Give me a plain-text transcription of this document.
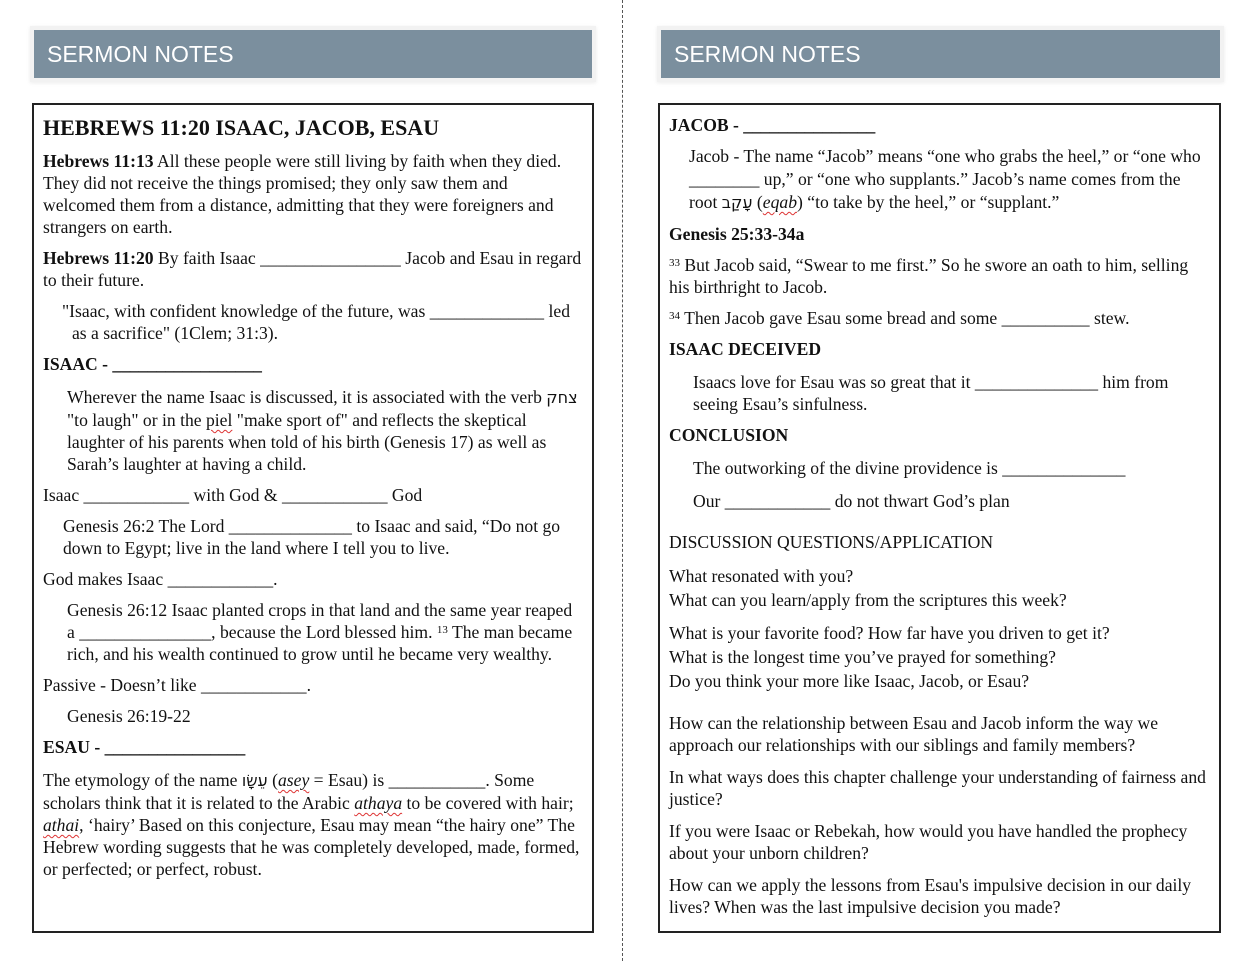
SERMON NOTES

HEBREWS 11:20 ISAAC, JACOB, ESAU

Hebrews 11:13 All these people were still living by faith when they died. They did not receive the things promised; they only saw them and welcomed them from a distance, admitting that they were foreigners and strangers on earth.

Hebrews 11:20 By faith Isaac ________________ Jacob and Esau in regard to their future.

"Isaac, with confident knowledge of the future, was _____________ led as a sacrifice" (1Clem; 31:3).

ISAAC - _________________

Wherever the name Isaac is discussed, it is associated with the verb צחק "to laugh" or in the piel "make sport of" and reflects the skeptical laughter of his parents when told of his birth (Genesis 17) as well as Sarah’s laughter at having a child.

Isaac ____________ with God & ____________ God

Genesis 26:2 The Lord ______________ to Isaac and said, “Do not go down to Egypt; live in the land where I tell you to live.

God makes Isaac ____________.

Genesis 26:12 Isaac planted crops in that land and the same year reaped a _______________, because the Lord blessed him. $^{13}$ The man became rich, and his wealth continued to grow until he became very wealthy.

Passive - Doesn’t like ____________.

Genesis 26:19-22

ESAU - ________________

The etymology of the name עֵשָׂו (asey = Esau) is ___________. Some scholars think that it is related to the Arabic athaya to be covered with hair; athai, ‘hairy’ Based on this conjecture, Esau may mean “the hairy one” The Hebrew wording suggests that he was completely developed, made, formed, or perfected; or perfect, robust.

SERMON NOTES

JACOB - _______________

Jacob - The name “Jacob” means “one who grabs the heel,” or “one who ________ up,” or “one who supplants.” Jacob’s name comes from the root עָקַב (eqab) “to take by the heel,” or “supplant.”

Genesis 25:33-34a

$^{33}$ But Jacob said, “Swear to me first.” So he swore an oath to him, selling his birthright to Jacob.

$^{34}$ Then Jacob gave Esau some bread and some __________ stew.

ISAAC DECEIVED

Isaacs love for Esau was so great that it ______________ him from seeing Esau’s sinfulness.

CONCLUSION

The outworking of the divine providence is ______________

Our ____________ do not thwart God’s plan

DISCUSSION QUESTIONS/APPLICATION

What resonated with you?
What can you learn/apply from the scriptures this week?

What is your favorite food? How far have you driven to get it?
What is the longest time you’ve prayed for something?
Do you think your more like Isaac, Jacob, or Esau?

How can the relationship between Esau and Jacob inform the way we approach our relationships with our siblings and family members?

In what ways does this chapter challenge your understanding of fairness and justice?

If you were Isaac or Rebekah, how would you have handled the prophecy about your unborn children?

How can we apply the lessons from Esau's impulsive decision in our daily lives? When was the last impulsive decision you made?
